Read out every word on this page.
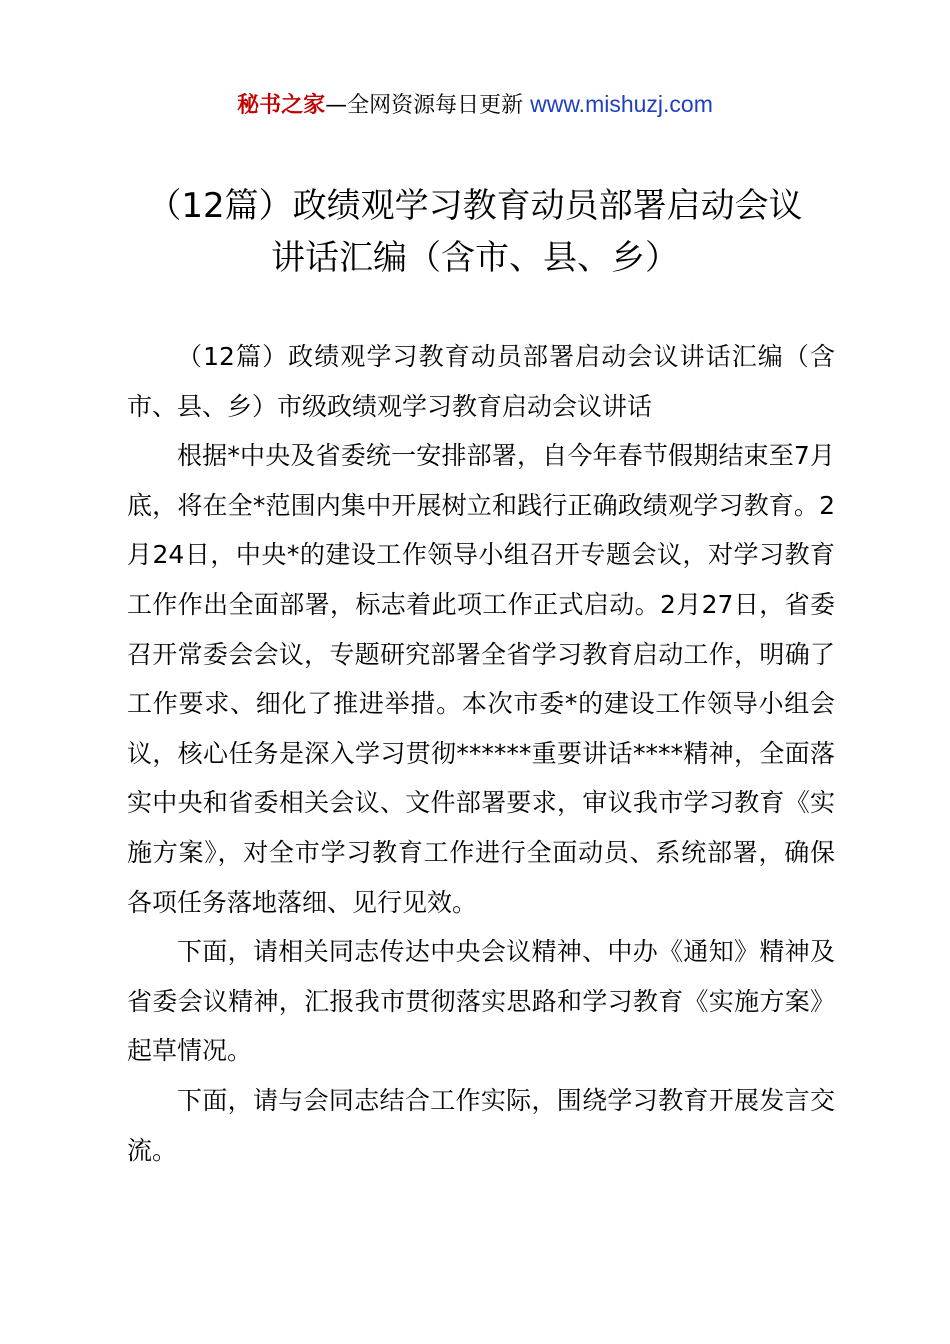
秘书之家—全网资源每日更新 www.mishuzj.com
（12篇）政绩观学习教育动员部署启动会议
讲话汇编（含市、县、乡）

（12篇）政绩观学习教育动员部署启动会议讲话汇编（含市、县、乡）市级政绩观学习教育启动会议讲话

根据*中央及省委统一安排部署，自今年春节假期结束至7月底，将在全*范围内集中开展树立和践行正确政绩观学习教育。2月24日，中央*的建设工作领导小组召开专题会议，对学习教育工作作出全面部署，标志着此项工作正式启动。2月27日，省委召开常委会会议，专题研究部署全省学习教育启动工作，明确了工作要求、细化了推进举措。本次市委*的建设工作领导小组会议，核心任务是深入学习贯彻******重要讲话****精神，全面落实中央和省委相关会议、文件部署要求，审议我市学习教育《实施方案》，对全市学习教育工作进行全面动员、系统部署，确保各项任务落地落细、见行见效。

下面，请相关同志传达中央会议精神、中办《通知》精神及省委会议精神，汇报我市贯彻落实思路和学习教育《实施方案》起草情况。

下面，请与会同志结合工作实际，围绕学习教育开展发言交流。
